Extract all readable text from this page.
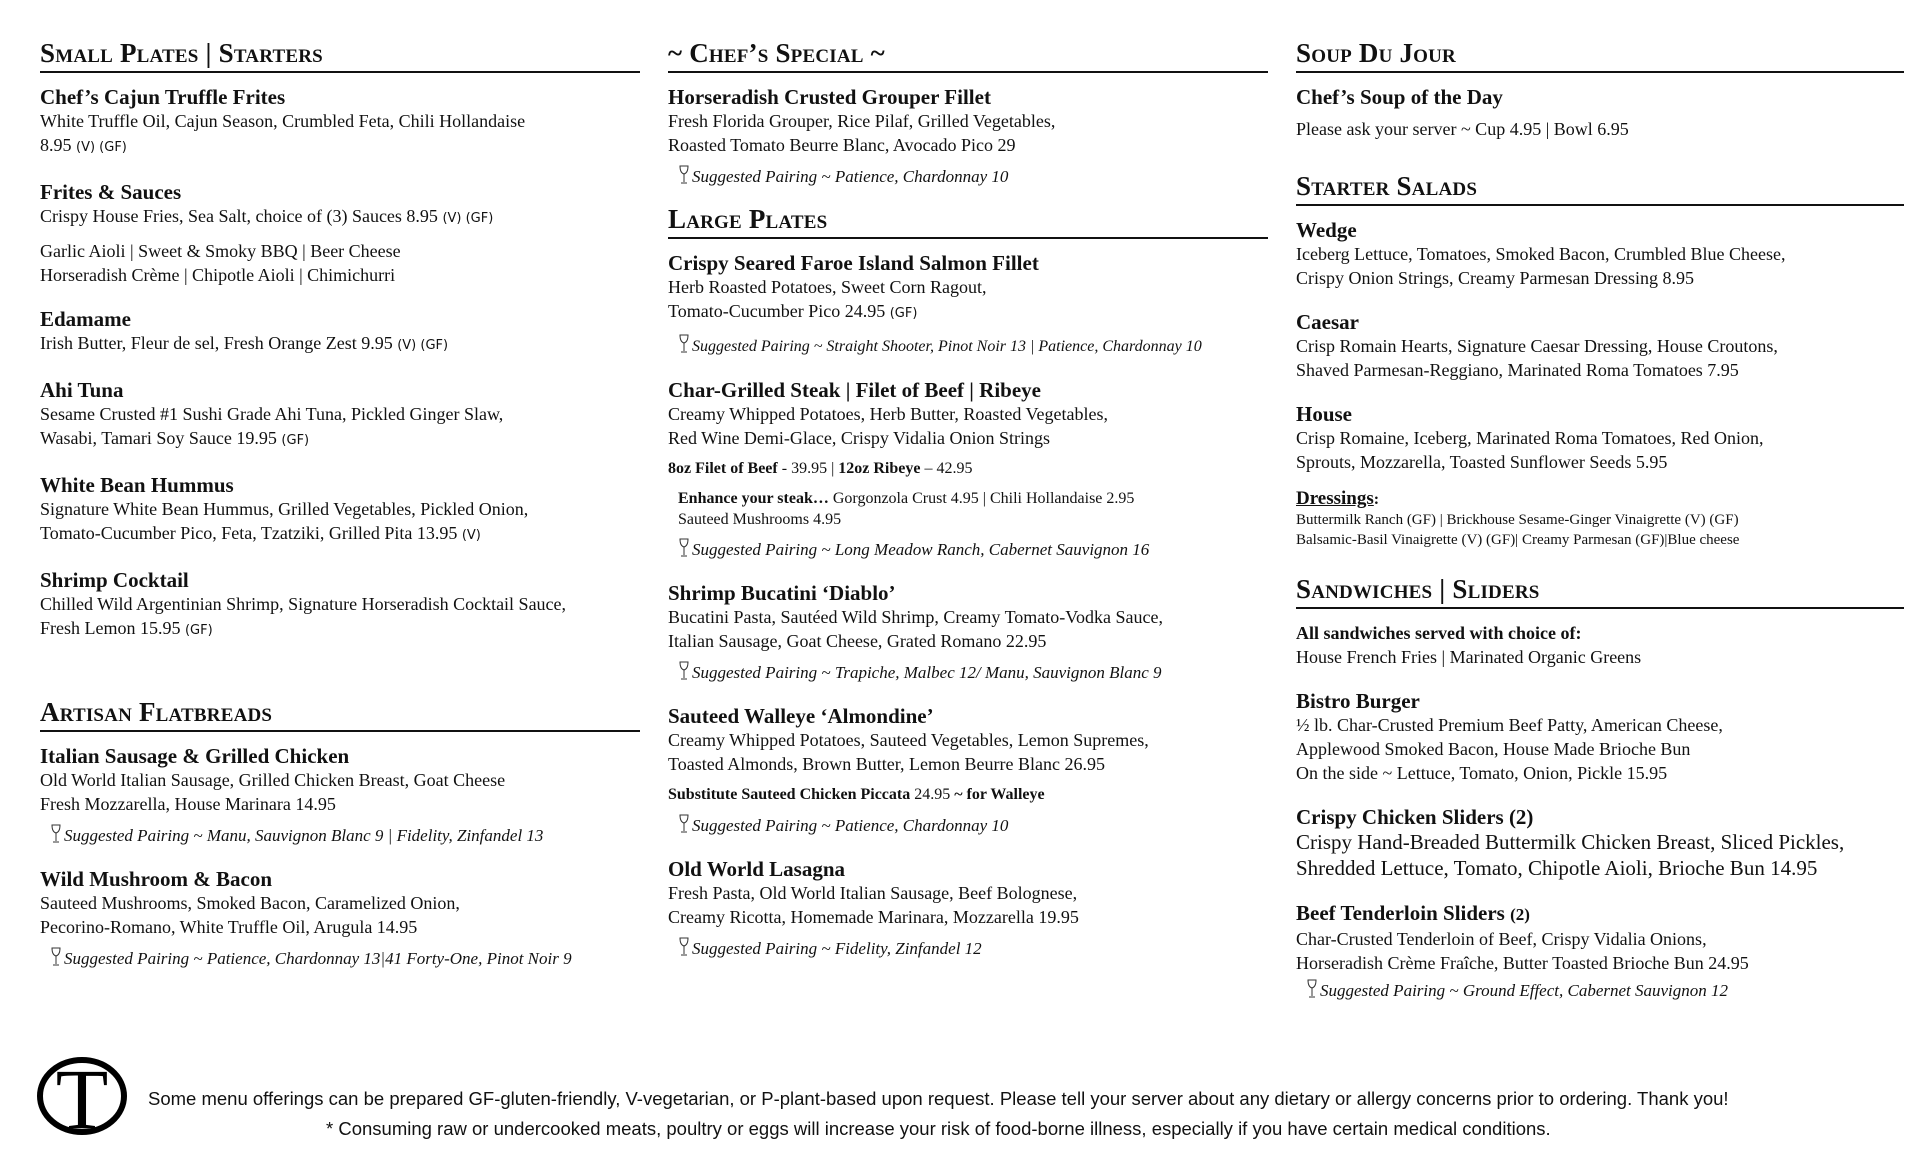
Small Plates | Starters
Chef’s Cajun Truffle Frites
White Truffle Oil, Cajun Season, Crumbled Feta, Chili Hollandaise
8.95 (V) (GF)
Frites & Sauces
Crispy House Fries, Sea Salt, choice of (3) Sauces 8.95 (V) (GF)
Garlic Aioli | Sweet & Smoky BBQ | Beer Cheese
Horseradish Crème | Chipotle Aioli | Chimichurri
Edamame
Irish Butter, Fleur de sel, Fresh Orange Zest 9.95 (V) (GF)
Ahi Tuna
Sesame Crusted #1 Sushi Grade Ahi Tuna, Pickled Ginger Slaw,
Wasabi, Tamari Soy Sauce 19.95 (GF)
White Bean Hummus
Signature White Bean Hummus, Grilled Vegetables, Pickled Onion,
Tomato-Cucumber Pico, Feta, Tzatziki, Grilled Pita 13.95 (V)
Shrimp Cocktail
Chilled Wild Argentinian Shrimp, Signature Horseradish Cocktail Sauce,
Fresh Lemon 15.95 (GF)
Artisan Flatbreads
Italian Sausage & Grilled Chicken
Old World Italian Sausage, Grilled Chicken Breast, Goat Cheese
Fresh Mozzarella, House Marinara 14.95
Suggested Pairing ~ Manu, Sauvignon Blanc 9 | Fidelity, Zinfandel 13
Wild Mushroom & Bacon
Sauteed Mushrooms, Smoked Bacon, Caramelized Onion,
Pecorino-Romano, White Truffle Oil, Arugula 14.95
Suggested Pairing ~ Patience, Chardonnay 13|41 Forty-One, Pinot Noir 9
~ Chef’s Special ~
Horseradish Crusted Grouper Fillet
Fresh Florida Grouper, Rice Pilaf, Grilled Vegetables,
Roasted Tomato Beurre Blanc, Avocado Pico 29
Suggested Pairing ~ Patience, Chardonnay 10
Large Plates
Crispy Seared Faroe Island Salmon Fillet
Herb Roasted Potatoes, Sweet Corn Ragout,
Tomato-Cucumber Pico 24.95 (GF)
Suggested Pairing ~ Straight Shooter, Pinot Noir 13 | Patience, Chardonnay 10
Char-Grilled Steak | Filet of Beef | Ribeye
Creamy Whipped Potatoes, Herb Butter, Roasted Vegetables,
Red Wine Demi-Glace, Crispy Vidalia Onion Strings
8oz Filet of Beef - 39.95 | 12oz Ribeye – 42.95
Enhance your steak… Gorgonzola Crust 4.95 | Chili Hollandaise 2.95
Sauteed Mushrooms 4.95
Suggested Pairing ~ Long Meadow Ranch, Cabernet Sauvignon 16
Shrimp Bucatini ‘Diablo’
Bucatini Pasta, Sautéed Wild Shrimp, Creamy Tomato-Vodka Sauce,
Italian Sausage, Goat Cheese, Grated Romano 22.95
Suggested Pairing ~ Trapiche, Malbec 12/ Manu, Sauvignon Blanc 9
Sauteed Walleye ‘Almondine’
Creamy Whipped Potatoes, Sauteed Vegetables, Lemon Supremes,
Toasted Almonds, Brown Butter, Lemon Beurre Blanc 26.95
Substitute Sauteed Chicken Piccata 24.95 ~ for Walleye
Suggested Pairing ~ Patience, Chardonnay 10
Old World Lasagna
Fresh Pasta, Old World Italian Sausage, Beef Bolognese,
Creamy Ricotta, Homemade Marinara, Mozzarella 19.95
Suggested Pairing ~ Fidelity, Zinfandel 12
Soup Du Jour
Chef’s Soup of the Day
Please ask your server ~ Cup 4.95 | Bowl 6.95
Starter Salads
Wedge
Iceberg Lettuce, Tomatoes, Smoked Bacon, Crumbled Blue Cheese,
Crispy Onion Strings, Creamy Parmesan Dressing 8.95
Caesar
Crisp Romain Hearts, Signature Caesar Dressing, House Croutons,
Shaved Parmesan-Reggiano, Marinated Roma Tomatoes 7.95
House
Crisp Romaine, Iceberg, Marinated Roma Tomatoes, Red Onion,
Sprouts, Mozzarella, Toasted Sunflower Seeds 5.95
Dressings:
Buttermilk Ranch (GF) | Brickhouse Sesame-Ginger Vinaigrette (V) (GF)
Balsamic-Basil Vinaigrette (V) (GF)| Creamy Parmesan (GF)|Blue cheese
Sandwiches | Sliders
All sandwiches served with choice of:
House French Fries | Marinated Organic Greens
Bistro Burger
½ lb. Char-Crusted Premium Beef Patty, American Cheese,
Applewood Smoked Bacon, House Made Brioche Bun
On the side ~ Lettuce, Tomato, Onion, Pickle 15.95
Crispy Chicken Sliders (2)
Crispy Hand-Breaded Buttermilk Chicken Breast, Sliced Pickles,
Shredded Lettuce, Tomato, Chipotle Aioli, Brioche Bun 14.95
Beef Tenderloin Sliders (2)
Char-Crusted Tenderloin of Beef, Crispy Vidalia Onions,
Horseradish Crème Fraîche, Butter Toasted Brioche Bun 24.95
Suggested Pairing ~ Ground Effect, Cabernet Sauvignon 12
T Some menu offerings can be prepared GF-gluten-friendly, V-vegetarian, or P-plant-based upon request. Please tell your server about any dietary or allergy concerns prior to ordering. Thank you!
* Consuming raw or undercooked meats, poultry or eggs will increase your risk of food-borne illness, especially if you have certain medical conditions.
